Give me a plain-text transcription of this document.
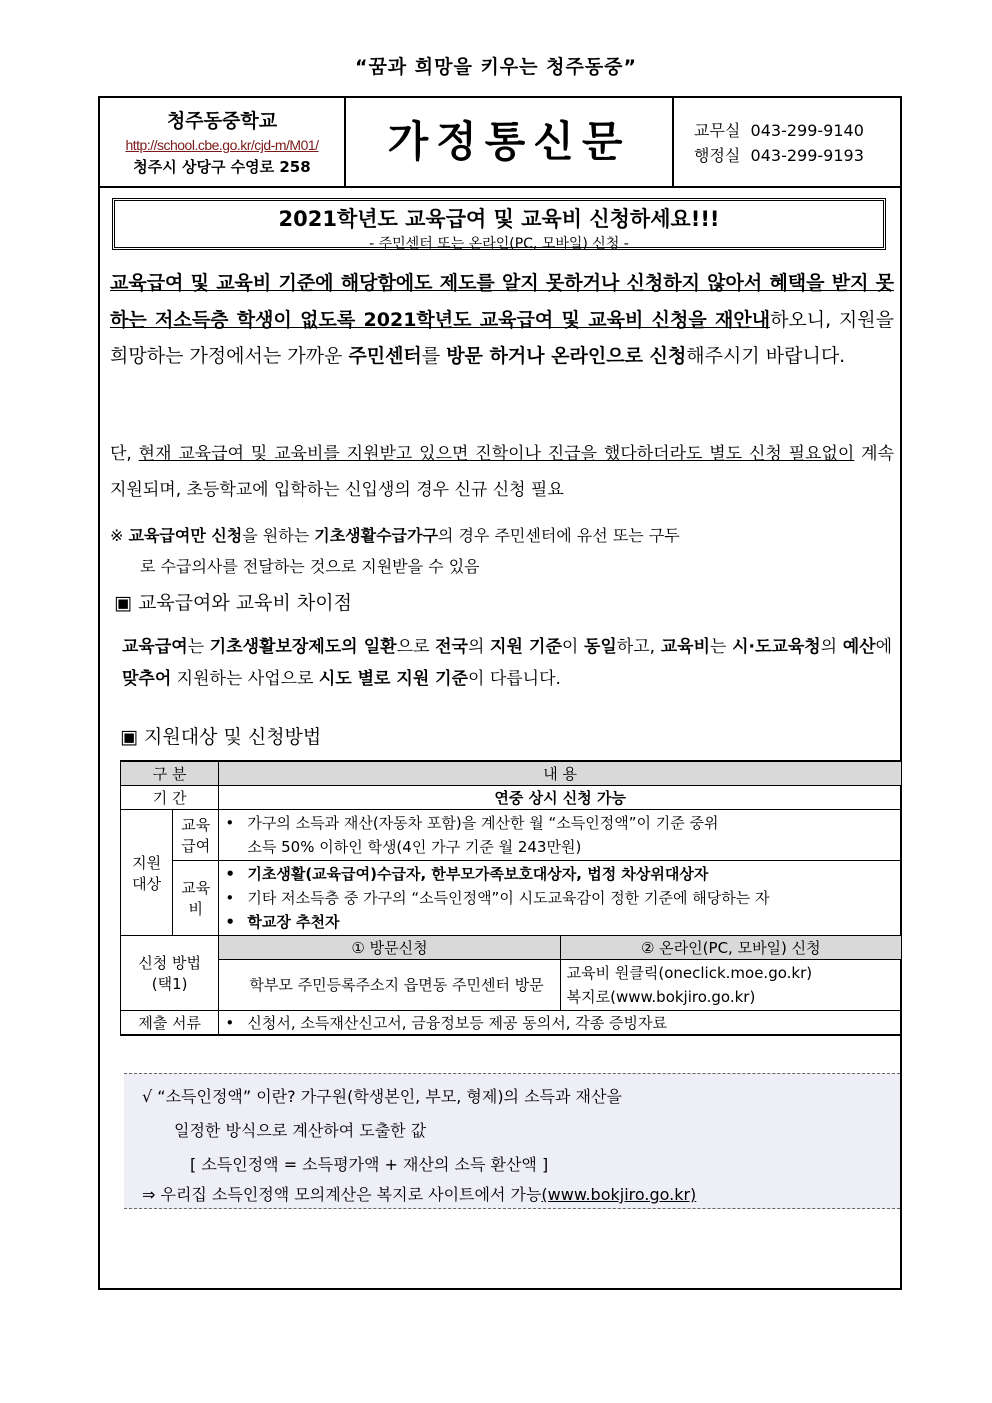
“꿈과 희망을 키우는 청주동중”
청주동중학교
http://school.cbe.go.kr/cjd-m/M01/
청주시 상당구 수영로 258
가정통신문	교무실 043-299-9140
행정실 043-299-9193
2021학년도 교육급여 및 교육비 신청하세요!!!
- 주민센터 또는 온라인(PC, 모바일) 신청 -
교육급여 및 교육비 기준에 해당함에도 제도를 알지 못하거나 신청하지 않아서 혜택을 받지 못하는 저소득층 학생이 없도록 2021학년도 교육급여 및 교육비 신청을 재안내하오니, 지원을 희망하는 가정에서는 가까운 주민센터를 방문 하거나 온라인으로 신청해주시기 바랍니다.
단, 현재 교육급여 및 교육비를 지원받고 있으면 진학이나 진급을 했다하더라도 별도 신청 필요없이 계속 지원되며, 초등학교에 입학하는 신입생의 경우 신규 신청 필요
※ 교육급여만 신청을 원하는 기초생활수급가구의 경우 주민센터에 유선 또는 구두
로 수급의사를 전달하는 것으로 지원받을 수 있음
▣ 교육급여와 교육비 차이점
교육급여는 기초생활보장제도의 일환으로 전국의 지원 기준이 동일하고, 교육비는 시·도교육청의 예산에 맞추어 지원하는 사업으로 시도 별로 지원 기준이 다릅니다.
▣ 지원대상 및 신청방법
구 분		내 용	
기 간		연중 상시 신청 가능	
지원 대상	교육 급여	• 가구의 소득과 재산(자동차 포함)을 계산한 월 “소득인정액”이 기준 중위
소득 50% 이하인 학생(4인 가구 기준 월 243만원)	

	교육 비	• 기초생활(교육급여)수급자, 한부모가족보호대상자, 법정 차상위대상자
• 기타 저소득층 중 가구의 “소득인정액”이 시도교육감이 정한 기준에 해당하는 자
• 학교장 추천자	

신청 방법 (택1)		① 방문신청	② 온라인(PC, 모바일) 신청
		학부모 주민등록주소지 읍면동 주민센터 방문	교육비 원클릭(oneclick.moe.go.kr)
복지로(www.bokjiro.go.kr)

제출 서류		• 신청서, 소득재산신고서, 금융정보등 제공 동의서, 각종 증빙자료	
√ “소득인정액” 이란? 가구원(학생본인, 부모, 형제)의 소득과 재산을
일정한 방식으로 계산하여 도출한 값
[ 소득인정액 = 소득평가액 + 재산의 소득 환산액 ]
⇒ 우리집 소득인정액 모의계산은 복지로 사이트에서 가능(www.bokjiro.go.kr)
